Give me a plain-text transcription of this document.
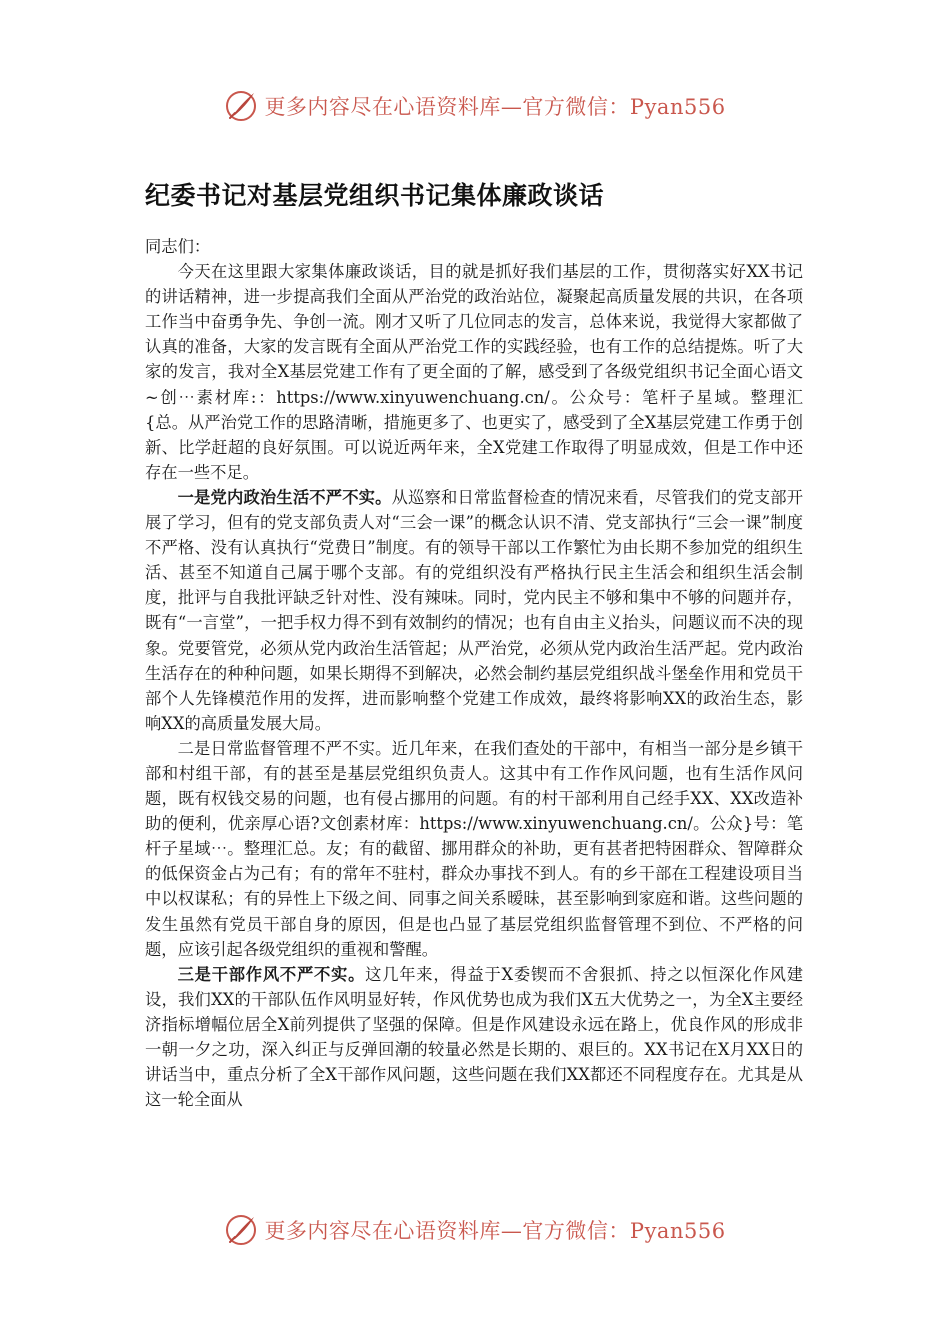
更多内容尽在心语资料库—官方微信：Pyan556
纪委书记对基层党组织书记集体廉政谈话

同志们：

今天在这里跟大家集体廉政谈话，目的就是抓好我们基层的工作，贯彻落实好XX书记的讲话精神，进一步提高我们全面从严治党的政治站位，凝聚起高质量发展的共识，在各项工作当中奋勇争先、争创一流。刚才又听了几位同志的发言，总体来说，我觉得大家都做了认真的准备，大家的发言既有全面从严治党工作的实践经验，也有工作的总结提炼。听了大家的发言，我对全X基层党建工作有了更全面的了解，感受到了各级党组织书记全面心语文~创⋯素材库:：https://www.xinyuwenchuang.cn/。公众号：笔杆子星域。整理汇{总。从严治党工作的思路清晰，措施更多了、也更实了，感受到了全X基层党建工作勇于创新、比学赶超的良好氛围。可以说近两年来，全X党建工作取得了明显成效，但是工作中还存在一些不足。

一是党内政治生活不严不实。从巡察和日常监督检查的情况来看，尽管我们的党支部开展了学习，但有的党支部负责人对“三会一课”的概念认识不清、党支部执行“三会一课”制度不严格、没有认真执行“党费日”制度。有的领导干部以工作繁忙为由长期不参加党的组织生活、甚至不知道自己属于哪个支部。有的党组织没有严格执行民主生活会和组织生活会制度，批评与自我批评缺乏针对性、没有辣味。同时，党内民主不够和集中不够的问题并存，既有“一言堂”，一把手权力得不到有效制约的情况；也有自由主义抬头，问题议而不决的现象。党要管党，必须从党内政治生活管起；从严治党，必须从党内政治生活严起。党内政治生活存在的种种问题，如果长期得不到解决，必然会制约基层党组织战斗堡垒作用和党员干部个人先锋模范作用的发挥，进而影响整个党建工作成效，最终将影响XX的政治生态，影响XX的高质量发展大局。

二是日常监督管理不严不实。近几年来，在我们查处的干部中，有相当一部分是乡镇干部和村组干部，有的甚至是基层党组织负责人。这其中有工作作风问题，也有生活作风问题，既有权钱交易的问题，也有侵占挪用的问题。有的村干部利用自己经手XX、XX改造补助的便利，优亲厚心语?文创素材库：https://www.xinyuwenchuang.cn/。公众}号：笔杆子星域⋯。整理汇总。友；有的截留、挪用群众的补助，更有甚者把特困群众、智障群众的低保资金占为己有；有的常年不驻村，群众办事找不到人。有的乡干部在工程建设项目当中以权谋私；有的异性上下级之间、同事之间关系暧昧，甚至影响到家庭和谐。这些问题的发生虽然有党员干部自身的原因，但是也凸显了基层党组织监督管理不到位、不严格的问题，应该引起各级党组织的重视和警醒。

三是干部作风不严不实。这几年来，得益于X委锲而不舍狠抓、持之以恒深化作风建设，我们XX的干部队伍作风明显好转，作风优势也成为我们X五大优势之一，为全X主要经济指标增幅位居全X前列提供了坚强的保障。但是作风建设永远在路上，优良作风的形成非一朝一夕之功，深入纠正与反弹回潮的较量必然是长期的、艰巨的。XX书记在X月XX日的讲话当中，重点分析了全X干部作风问题，这些问题在我们XX都还不同程度存在。尤其是从这一轮全面从

更多内容尽在心语资料库—官方微信：Pyan556
